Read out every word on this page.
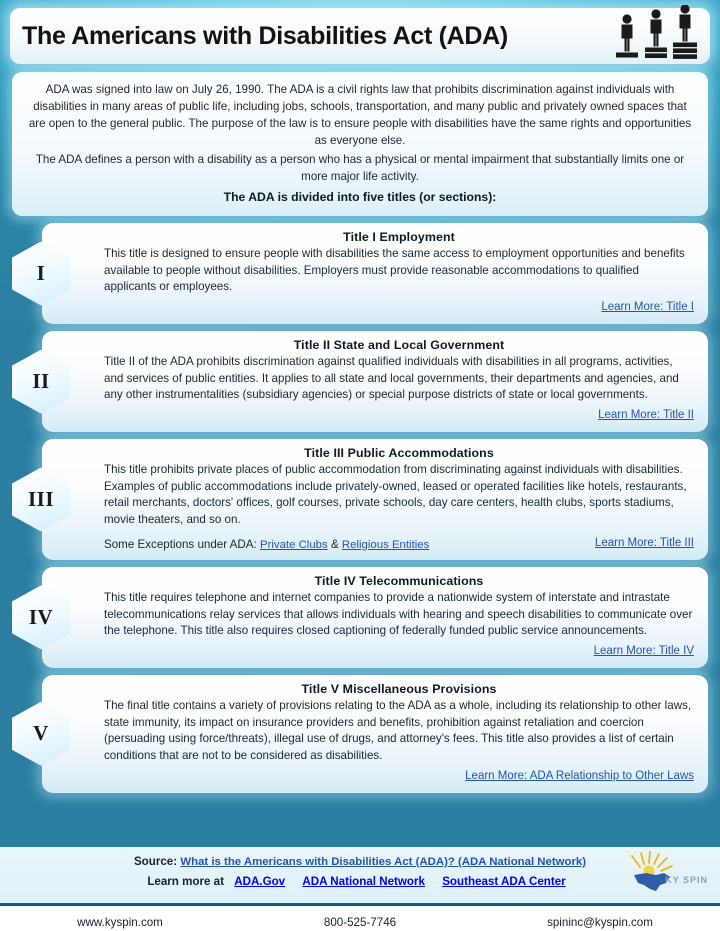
The Americans with Disabilities Act (ADA)

ADA was signed into law on July 26, 1990. The ADA is a civil rights law that prohibits discrimination against individuals with disabilities in many areas of public life, including jobs, schools, transportation, and many public and privately owned spaces that are open to the general public. The purpose of the law is to ensure people with disabilities have the same rights and opportunities as everyone else.

The ADA defines a person with a disability as a person who has a physical or mental impairment that substantially limits one or more major life activity.

The ADA is divided into five titles (or sections):

I
Title I Employment

This title is designed to ensure people with disabilities the same access to employment opportunities and benefits available to people without disabilities. Employers must provide reasonable accommodations to qualified applicants or employees.

Learn More: Title I
II
Title II State and Local Government

Title II of the ADA prohibits discrimination against qualified individuals with disabilities in all programs, activities, and services of public entities. It applies to all state and local governments, their departments and agencies, and any other instrumentalities (subsidiary agencies) or special purpose districts of state or local governments.

Learn More: Title II
III
Title III Public Accommodations

This title prohibits private places of public accommodation from discriminating against individuals with disabilities. Examples of public accommodations include privately-owned, leased or operated facilities like hotels, restaurants, retail merchants, doctors' offices, golf courses, private schools, day care centers, health clubs, sports stadiums, movie theaters, and so on.

Some Exceptions under ADA: Private Clubs & Religious Entities	Learn More: Title III
IV
Title IV Telecommunications

This title requires telephone and internet companies to provide a nationwide system of interstate and intrastate telecommunications relay services that allows individuals with hearing and speech disabilities to communicate over the telephone. This title also requires closed captioning of federally funded public service announcements.

Learn More: Title IV
V
Title V Miscellaneous Provisions

The final title contains a variety of provisions relating to the ADA as a whole, including its relationship to other laws, state immunity, its impact on insurance providers and benefits, prohibition against retaliation and coercion (persuading using force/threats), illegal use of drugs, and attorney's fees. This title also provides a list of certain conditions that are not to be considered as disabilities.

Learn More: ADA Relationship to Other Laws
Source: What is the Americans with Disabilities Act (ADA)? (ADA National Network)
Learn more at ADA.Gov ADA National Network Southeast ADA Center	KY SPIN
www.kyspin.com	800-525-7746	spininc@kyspin.com
